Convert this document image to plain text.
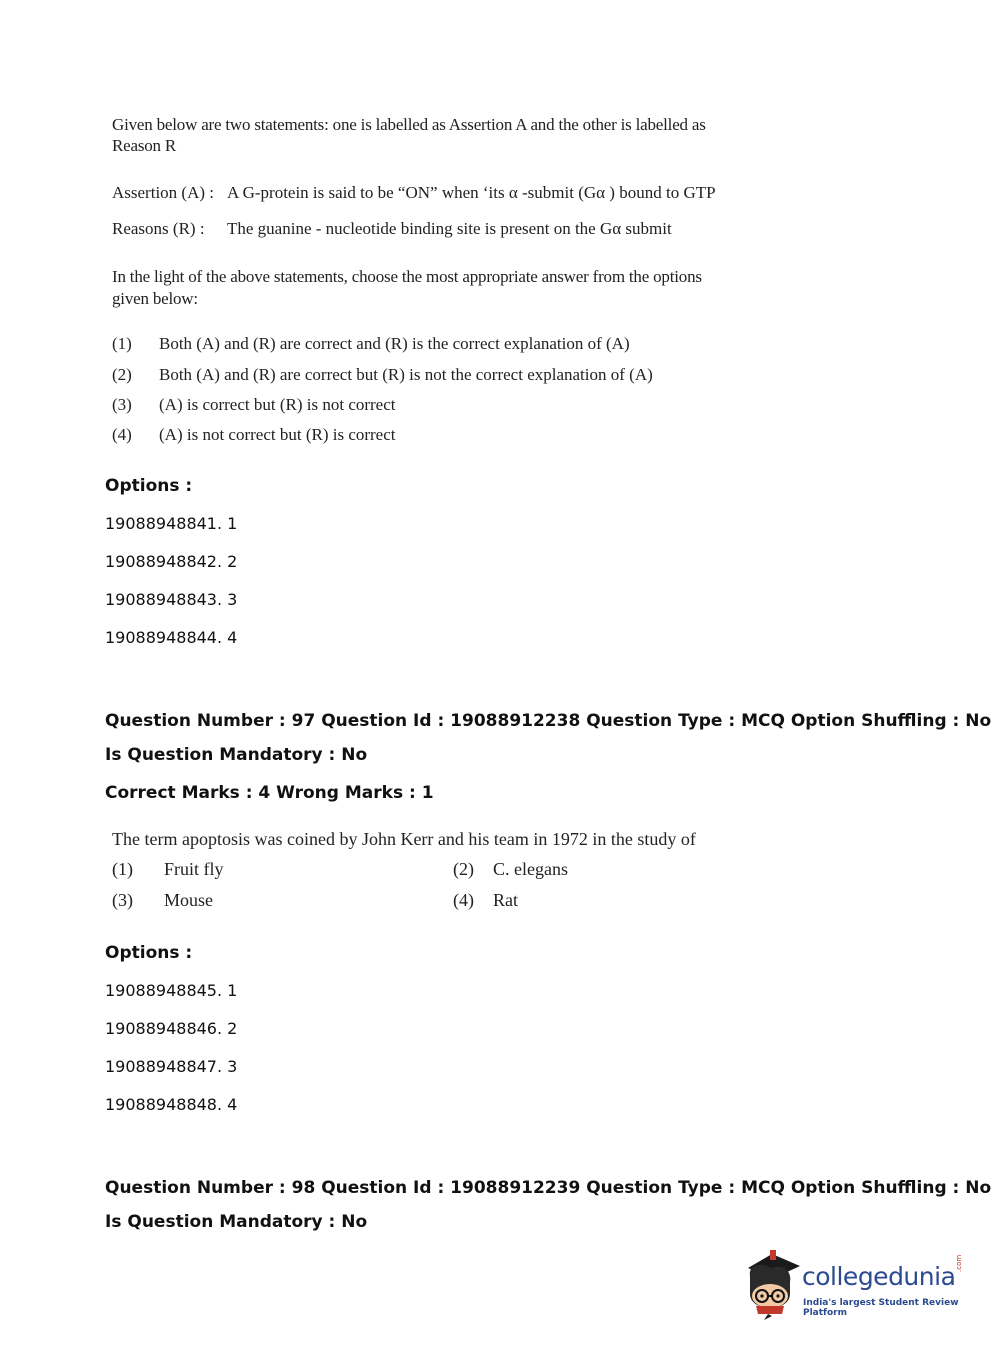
Given below are two statements: one is labelled as Assertion A and the other is labelled as
Reason R
Assertion (A) : A G-protein is said to be “ON” when ‘its α -submit (Gα ) bound to GTP
Reasons (R) : The guanine - nucleotide binding site is present on the Gα submit
In the light of the above statements, choose the most appropriate answer from the options
given below:
(1) Both (A) and (R) are correct and (R) is the correct explanation of (A)
(2) Both (A) and (R) are correct but (R) is not the correct explanation of (A)
(3) (A) is correct but (R) is not correct
(4) (A) is not correct but (R) is correct
Options :
19088948841. 1
19088948842. 2
19088948843. 3
19088948844. 4
Question Number : 97 Question Id : 19088912238 Question Type : MCQ Option Shuffling : No
Is Question Mandatory : No
Correct Marks : 4 Wrong Marks : 1
The term apoptosis was coined by John Kerr and his team in 1972 in the study of
(1) Fruit fly	(2) C. elegans
(3) Mouse	(4) Rat
Options :
19088948845. 1
19088948846. 2
19088948847. 3
19088948848. 4
Question Number : 98 Question Id : 19088912239 Question Type : MCQ Option Shuffling : No
Is Question Mandatory : No
collegedunia .com
India's largest Student Review Platform
